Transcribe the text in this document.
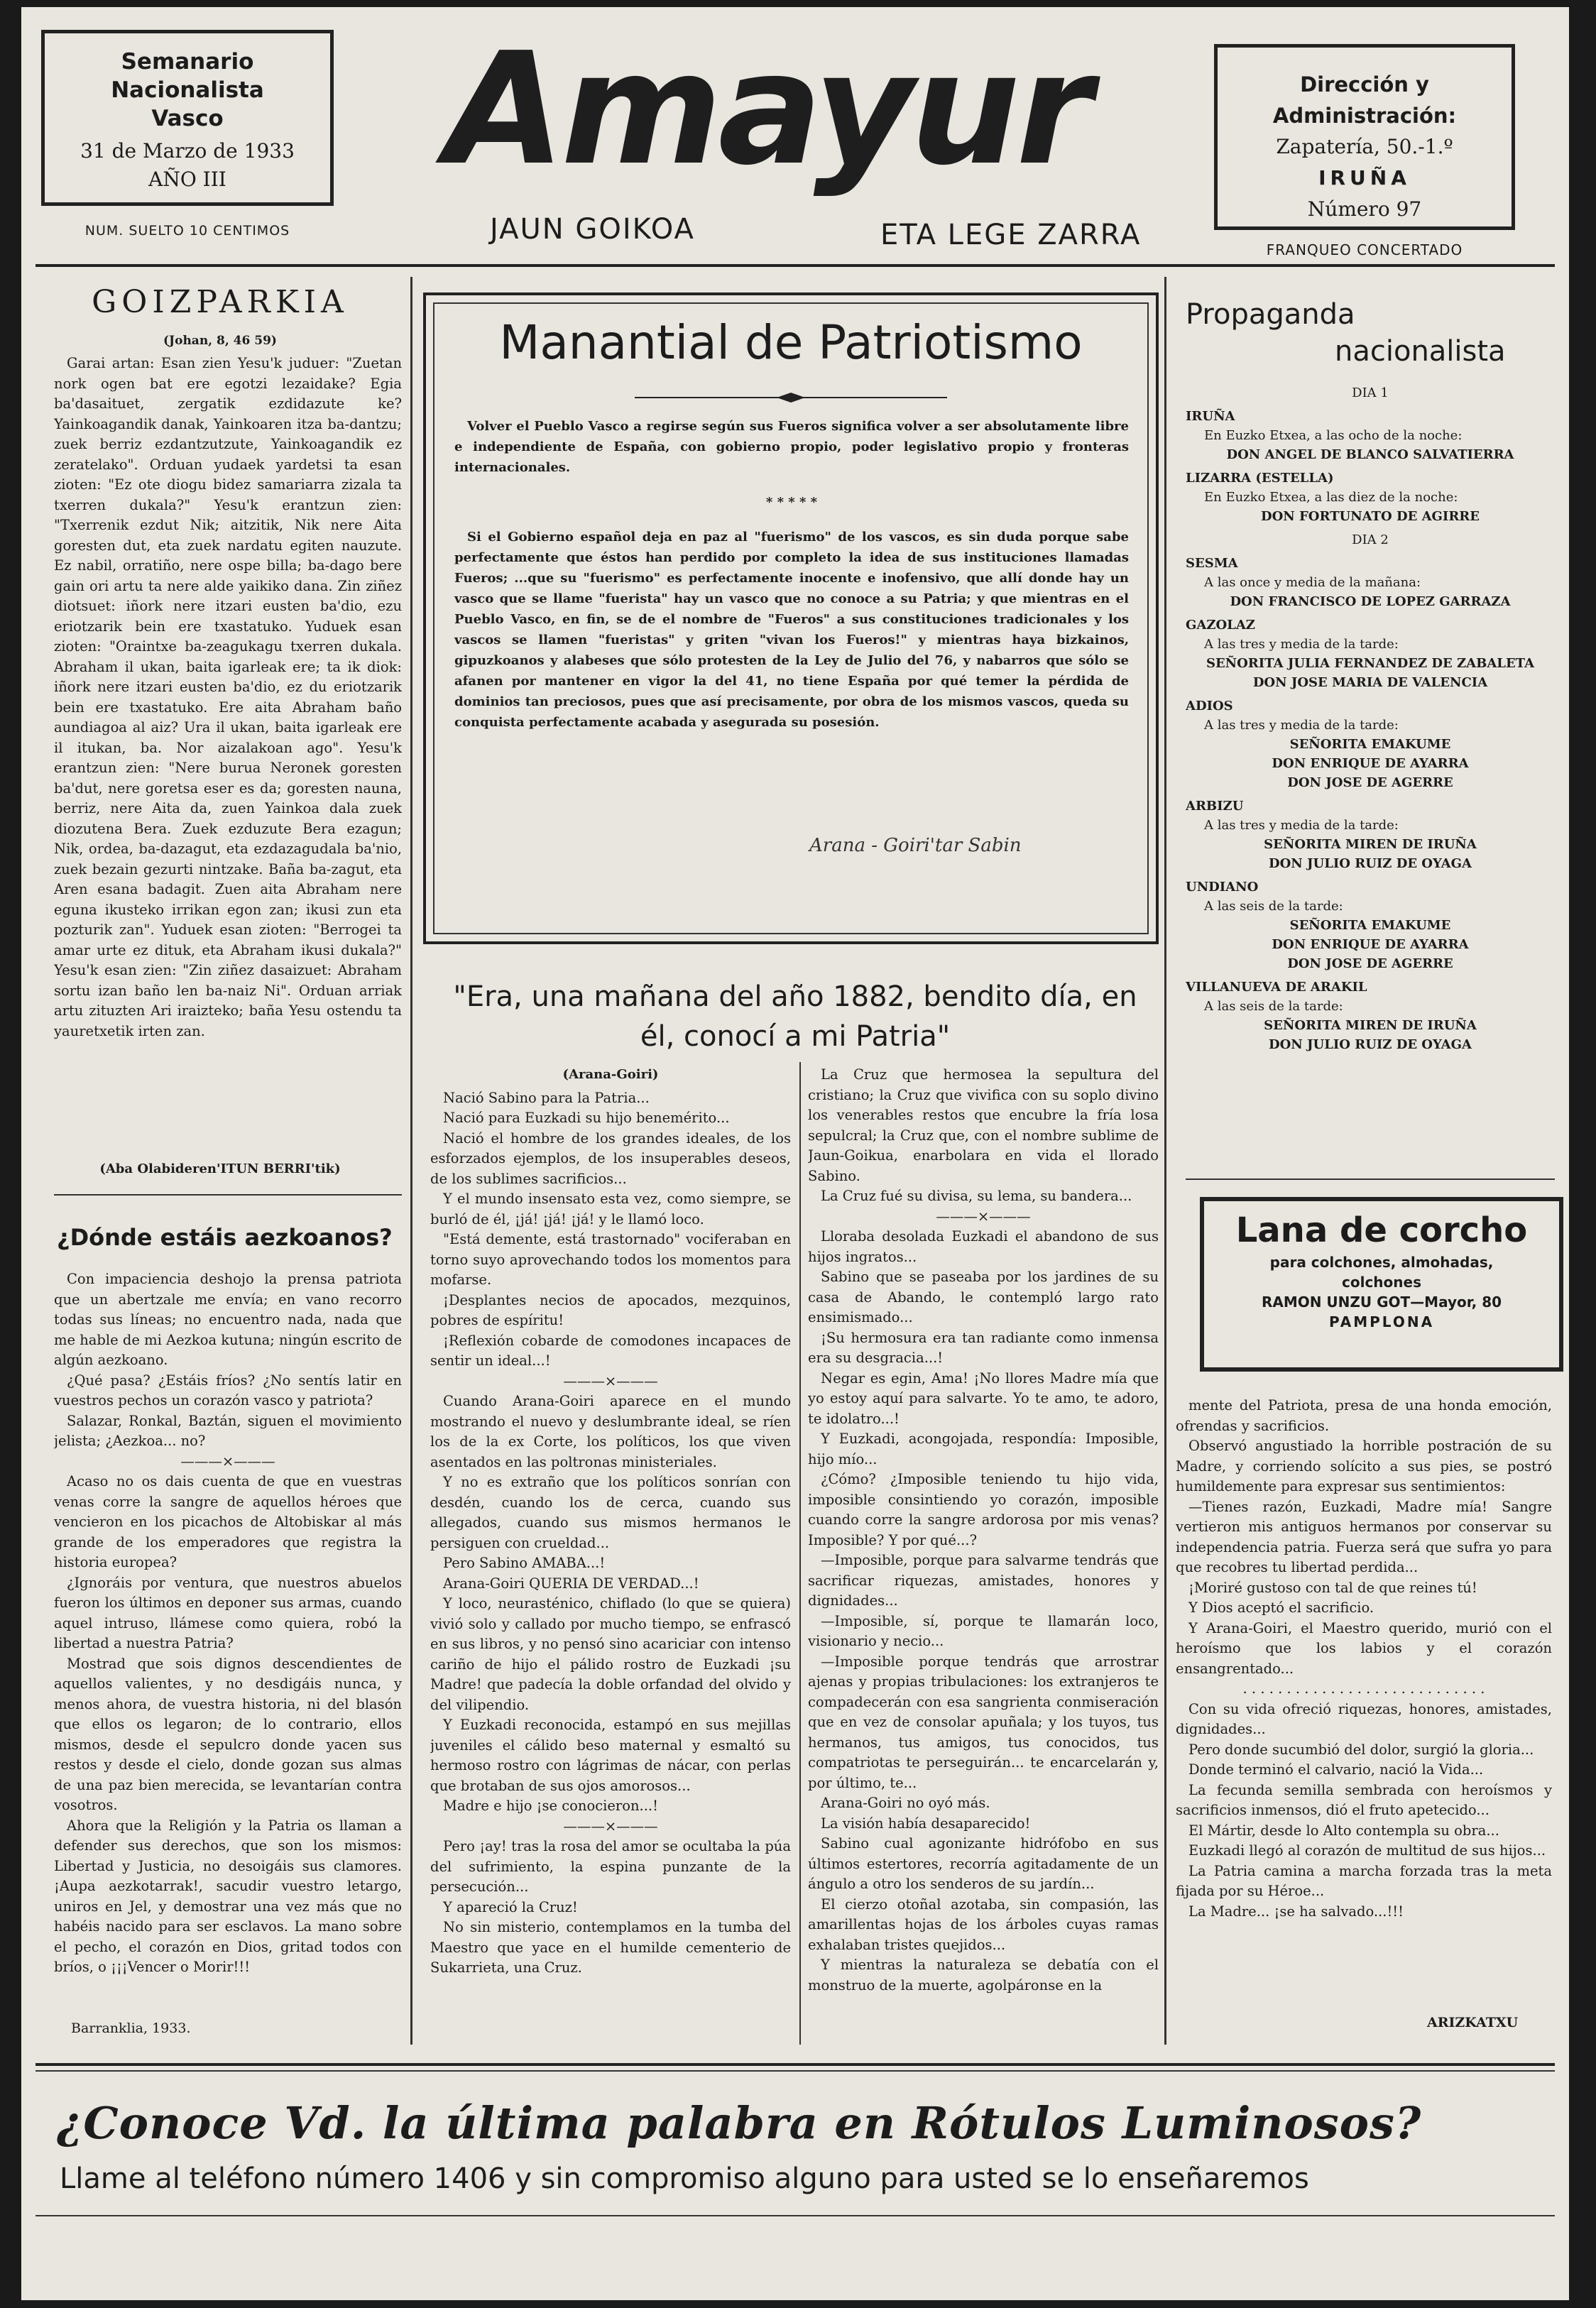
Semanario Nacionalista
Vasco
31 de Marzo de 1933
AÑO III
NUM. SUELTO 10 CENTIMOS
Amayur
JAUN GOIKOA	ETA LEGE ZARRA
Dirección y Administración:
Zapatería, 50.-1.º
IRUÑA
Número 97
FRANQUEO CONCERTADO
GOIZPARKIA
(Johan, 8, 46 59)

Garai artan: Esan zien Yesu'k juduer: "Zuetan nork ogen bat ere egotzi lezaidake? Egia ba'dasaituet, zergatik ezdidazute ke? Yainkoagandik danak, Yainkoaren itza ba-dantzu; zuek berriz ezdantzutzute, Yainkoagandik ez zeratelako". Orduan yudaek yardetsi ta esan zioten: "Ez ote diogu bidez samariarra zizala ta txerren dukala?" Yesu'k erantzun zien: "Txerrenik ezdut Nik; aitzitik, Nik nere Aita goresten dut, eta zuek nardatu egiten nauzute. Ez nabil, orratiño, nere ospe billa; ba-dago bere gain ori artu ta nere alde yaikiko dana. Zin ziñez diotsuet: iñork nere itzari eusten ba'dio, ezu eriotzarik bein ere txastatuko. Yuduek esan zioten: "Oraintxe ba-zeagukagu txerren dukala. Abraham il ukan, baita igarleak ere; ta ik diok: iñork nere itzari eusten ba'dio, ez du eriotzarik bein ere txastatuko. Ere aita Abraham baño aundiagoa al aiz? Ura il ukan, baita igarleak ere il itukan, ba. Nor aizalakoan ago". Yesu'k erantzun zien: "Nere burua Neronek goresten ba'dut, nere goretsa eser es da; goresten nauna, berriz, nere Aita da, zuen Yainkoa dala zuek diozutena Bera. Zuek ezduzute Bera ezagun; Nik, ordea, ba-dazagut, eta ezdazagudala ba'nio, zuek bezain gezurti nintzake. Baña ba-zagut, eta Aren esana badagit. Zuen aita Abraham nere eguna ikusteko irrikan egon zan; ikusi zun eta pozturik zan". Yuduek esan zioten: "Berrogei ta amar urte ez dituk, eta Abraham ikusi dukala?" Yesu'k esan zien: "Zin ziñez dasaizuet: Abraham sortu izan baño len ba-naiz Ni". Orduan arriak artu zituzten Ari iraizteko; baña Yesu ostendu ta yauretxetik irten zan.

(Aba Olabideren'ITUN BERRI'tik)
¿Dónde estáis aezkoanos?

Con impaciencia deshojo la prensa patriota que un abertzale me envía; en vano recorro todas sus líneas; no encuentro nada, nada que me hable de mi Aezkoa kutuna; ningún escrito de algún aezkoano.

¿Qué pasa? ¿Estáis fríos? ¿No sentís latir en vuestros pechos un corazón vasco y patriota?

Salazar, Ronkal, Baztán, siguen el movimiento jelista; ¿Aezkoa... no?

———×———

Acaso no os dais cuenta de que en vuestras venas corre la sangre de aquellos héroes que vencieron en los picachos de Altobiskar al más grande de los emperadores que registra la historia europea?

¿Ignoráis por ventura, que nuestros abuelos fueron los últimos en deponer sus armas, cuando aquel intruso, llámese como quiera, robó la libertad a nuestra Patria?

Mostrad que sois dignos descendientes de aquellos valientes, y no desdigáis nunca, y menos ahora, de vuestra historia, ni del blasón que ellos os legaron; de lo contrario, ellos mismos, desde el sepulcro donde yacen sus restos y desde el cielo, donde gozan sus almas de una paz bien merecida, se levantarían contra vosotros.

Ahora que la Religión y la Patria os llaman a defender sus derechos, que son los mismos: Libertad y Justicia, no desoigáis sus clamores. ¡Aupa aezkotarrak!, sacudir vuestro letargo, uniros en Jel, y demostrar una vez más que no habéis nacido para ser esclavos. La mano sobre el pecho, el corazón en Dios, gritad todos con bríos, o ¡¡¡Vencer o Morir!!!

Barranklia, 1933.
Manantial de Patriotismo

Volver el Pueblo Vasco a regirse según sus Fueros significa volver a ser absolutamente libre e independiente de España, con gobierno propio, poder legislativo propio y fronteras internacionales.

* * * * *

Si el Gobierno español deja en paz al "fuerismo" de los vascos, es sin duda porque sabe perfectamente que éstos han perdido por completo la idea de sus instituciones llamadas Fueros; ...que su "fuerismo" es perfectamente inocente e inofensivo, que allí donde hay un vasco que se llame "fuerista" hay un vasco que no conoce a su Patria; y que mientras en el Pueblo Vasco, en fin, se de el nombre de "Fueros" a sus constituciones tradicionales y los vascos se llamen "fueristas" y griten "vivan los Fueros!" y mientras haya bizkainos, gipuzkoanos y alabeses que sólo protesten de la Ley de Julio del 76, y nabarros que sólo se afanen por mantener en vigor la del 41, no tiene España por qué temer la pérdida de dominios tan preciosos, pues que así precisamente, por obra de los mismos vascos, queda su conquista perfectamente acabada y asegurada su posesión.

Arana - Goiri'tar Sabin
"Era, una mañana del año 1882, bendito día, en él, conocí a mi Patria"
(Arana-Goiri)

Nació Sabino para la Patria...

Nació para Euzkadi su hijo benemérito...

Nació el hombre de los grandes ideales, de los esforzados ejemplos, de los insuperables deseos, de los sublimes sacrificios...

Y el mundo insensato esta vez, como siempre, se burló de él, ¡já! ¡já! ¡já! y le llamó loco.

"Está demente, está trastornado" vociferaban en torno suyo aprovechando todos los momentos para mofarse.

¡Desplantes necios de apocados, mezquinos, pobres de espíritu!

¡Reflexión cobarde de comodones incapaces de sentir un ideal...!

———×———

Cuando Arana-Goiri aparece en el mundo mostrando el nuevo y deslumbrante ideal, se ríen los de la ex Corte, los políticos, los que viven asentados en las poltronas ministeriales.

Y no es extraño que los políticos sonrían con desdén, cuando los de cerca, cuando sus allegados, cuando sus mismos hermanos le persiguen con crueldad...

Pero Sabino AMABA...!

Arana-Goiri QUERIA DE VERDAD...!

Y loco, neurasténico, chiflado (lo que se quiera) vivió solo y callado por mucho tiempo, se enfrascó en sus libros, y no pensó sino acariciar con intenso cariño de hijo el pálido rostro de Euzkadi ¡su Madre! que padecía la doble orfandad del olvido y del vilipendio.

Y Euzkadi reconocida, estampó en sus mejillas juveniles el cálido beso maternal y esmaltó su hermoso rostro con lágrimas de nácar, con perlas que brotaban de sus ojos amorosos...

Madre e hijo ¡se conocieron...!

———×———

Pero ¡ay! tras la rosa del amor se ocultaba la púa del sufrimiento, la espina punzante de la persecución...

Y apareció la Cruz!

No sin misterio, contemplamos en la tumba del Maestro que yace en el humilde cementerio de Sukarrieta, una Cruz.

La Cruz que hermosea la sepultura del cristiano; la Cruz que vivifica con su soplo divino los venerables restos que encubre la fría losa sepulcral; la Cruz que, con el nombre sublime de Jaun-Goikua, enarbolara en vida el llorado Sabino.

La Cruz fué su divisa, su lema, su bandera...

———×———

Lloraba desolada Euzkadi el abandono de sus hijos ingratos...

Sabino que se paseaba por los jardines de su casa de Abando, le contempló largo rato ensimismado...

¡Su hermosura era tan radiante como inmensa era su desgracia...!

Negar es egin, Ama! ¡No llores Madre mía que yo estoy aquí para salvarte. Yo te amo, te adoro, te idolatro...!

Y Euzkadi, acongojada, respondía: Imposible, hijo mío...

¿Cómo? ¿Imposible teniendo tu hijo vida, imposible consintiendo yo corazón, imposible cuando corre la sangre ardorosa por mis venas? Imposible? Y por qué...?

—Imposible, porque para salvarme tendrás que sacrificar riquezas, amistades, honores y dignidades...

—Imposible, sí, porque te llamarán loco, visionario y necio...

—Imposible porque tendrás que arrostrar ajenas y propias tribulaciones: los extranjeros te compadecerán con esa sangrienta conmiseración que en vez de consolar apuñala; y los tuyos, tus hermanos, tus amigos, tus conocidos, tus compatriotas te perseguirán... te encarcelarán y, por último, te...

Arana-Goiri no oyó más.

La visión había desaparecido!

Sabino cual agonizante hidrófobo en sus últimos estertores, recorría agitadamente de un ángulo a otro los senderos de su jardín...

El cierzo otoñal azotaba, sin compasión, las amarillentas hojas de los árboles cuyas ramas exhalaban tristes quejidos...

Y mientras la naturaleza se debatía con el monstruo de la muerte, agolpáronse en la

Propaganda
nacionalista
DIA 1
IRUÑA
En Euzko Etxea, a las ocho de la noche:
DON ANGEL DE BLANCO SALVATIERRA
LIZARRA (ESTELLA)
En Euzko Etxea, a las diez de la noche:
DON FORTUNATO DE AGIRRE
DIA 2
SESMA
A las once y media de la mañana:
DON FRANCISCO DE LOPEZ GARRAZA
GAZOLAZ
A las tres y media de la tarde:
SEÑORITA JULIA FERNANDEZ DE ZABALETA
DON JOSE MARIA DE VALENCIA
ADIOS
A las tres y media de la tarde:
SEÑORITA EMAKUME
DON ENRIQUE DE AYARRA
DON JOSE DE AGERRE
ARBIZU
A las tres y media de la tarde:
SEÑORITA MIREN DE IRUÑA
DON JULIO RUIZ DE OYAGA
UNDIANO
A las seis de la tarde:
SEÑORITA EMAKUME
DON ENRIQUE DE AYARRA
DON JOSE DE AGERRE
VILLANUEVA DE ARAKIL
A las seis de la tarde:
SEÑORITA MIREN DE IRUÑA
DON JULIO RUIZ DE OYAGA
Lana de corcho
para colchones, almohadas,
colchones
RAMON UNZU GOT—Mayor, 80
PAMPLONA

mente del Patriota, presa de una honda emoción, ofrendas y sacrificios.

Observó angustiado la horrible postración de su Madre, y corriendo solícito a sus pies, se postró humildemente para expresar sus sentimientos:

—Tienes razón, Euzkadi, Madre mía! Sangre vertieron mis antiguos hermanos por conservar su independencia patria. Fuerza será que sufra yo para que recobres tu libertad perdida...

¡Moriré gustoso con tal de que reines tú!

Y Dios aceptó el sacrificio.

Y Arana-Goiri, el Maestro querido, murió con el heroísmo que los labios y el corazón ensangrentado...

. . . . . . . . . . . . . . . . . . . . . . . . . . . .

Con su vida ofreció riquezas, honores, amistades, dignidades...

Pero donde sucumbió del dolor, surgió la gloria...

Donde terminó el calvario, nació la Vida...

La fecunda semilla sembrada con heroísmos y sacrificios inmensos, dió el fruto apetecido...

El Mártir, desde lo Alto contempla su obra...

Euzkadi llegó al corazón de multitud de sus hijos...

La Patria camina a marcha forzada tras la meta fijada por su Héroe...

La Madre... ¡se ha salvado...!!!

ARIZKATXU
¿Conoce Vd. la última palabra en Rótulos Luminosos?
Llame al teléfono número 1406 y sin compromiso alguno para usted se lo enseñaremos
